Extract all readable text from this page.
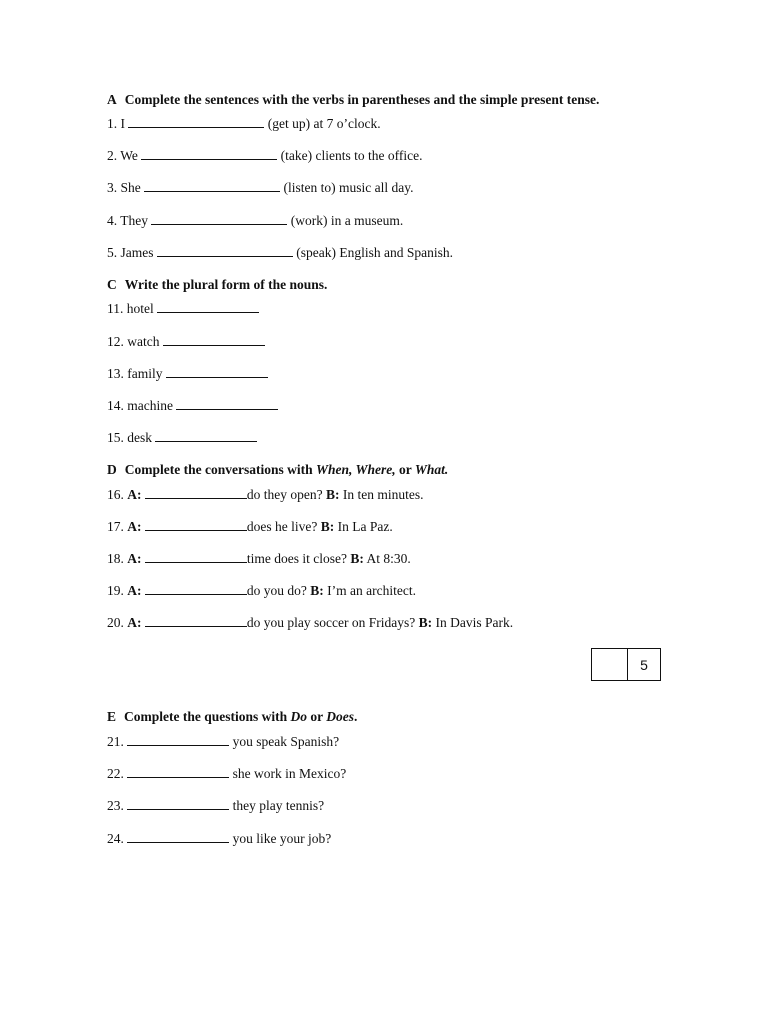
A Complete the sentences with the verbs in parentheses and the simple present tense.
1. I	(get up) at 7 o’clock.
2. We	(take) clients to the office.
3. She	(listen to) music all day.
4. They	(work) in a museum.
5. James	(speak) English and Spanish.
C Write the plural form of the nouns.
11. hotel
12. watch
13. family
14. machine
15. desk
D Complete the conversations with When, Where, or What.
16. A:	do they open? B: In ten minutes.
17. A:	does he live? B: In La Paz.
18. A:	time does it close? B: At 8:30.
19. A:	do you do? B: I’m an architect.
20. A:	do you play soccer on Fridays? B: In Davis Park.
5
E Complete the questions with Do or Does.
21.	you speak Spanish?
22.	she work in Mexico?
23.	they play tennis?
24.	you like your job?
